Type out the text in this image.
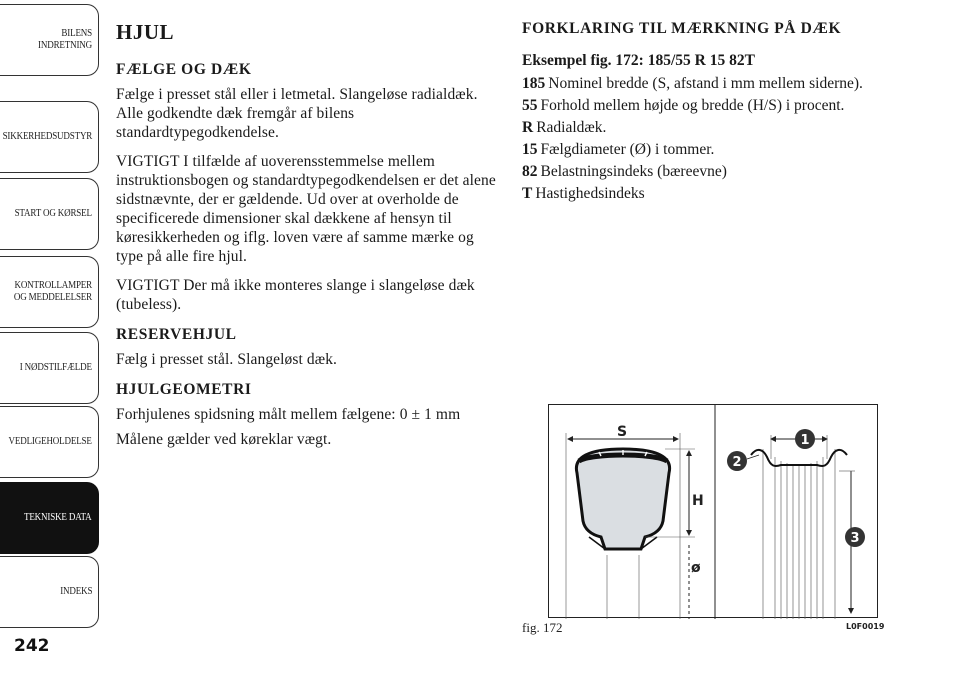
BILENS INDRETNING
SIKKERHEDSUDSTYR
START OG KØRSEL
KONTROLLAMPER OG MEDDELELSER
I NØDSTILFÆLDE
VEDLIGEHOLDELSE
TEKNISKE DATA
INDEKS
242
HJUL
FÆLGE OG DÆK

Fælge i presset stål eller i letmetal. Slangeløse radialdæk. Alle godkendte dæk fremgår af bilens standardtypegodkendelse.

VIGTIGT I tilfælde af uoverensstemmelse mellem instruktionsbogen og standardtypegodkendelsen er det alene sidstnævnte, der er gældende. Ud over at overholde de specificerede dimensioner skal dækkene af hensyn til køresikkerheden og iflg. loven være af samme mærke og type på alle fire hjul.

VIGTIGT Der må ikke monteres slange i slangeløse dæk (tubeless).

RESERVEHJUL

Fælg i presset stål. Slangeløst dæk.

HJULGEOMETRI

Forhjulenes spidsning målt mellem fælgene: 0 ± 1 mm

Målene gælder ved køreklar vægt.

FORKLARING TIL MÆRKNING PÅ DÆK
Eksempel fig. 172: 185/55 R 15 82T
185 Nominel bredde (S, afstand i mm mellem siderne).
55 Forhold mellem højde og bredde (H/S) i procent.
R Radialdæk.
15 Fælgdiameter (Ø) i tommer.
82 Belastningsindeks (bæreevne)
T Hastighedsindeks
S
H
ø
1
2
3
fig. 172	L0F0019
